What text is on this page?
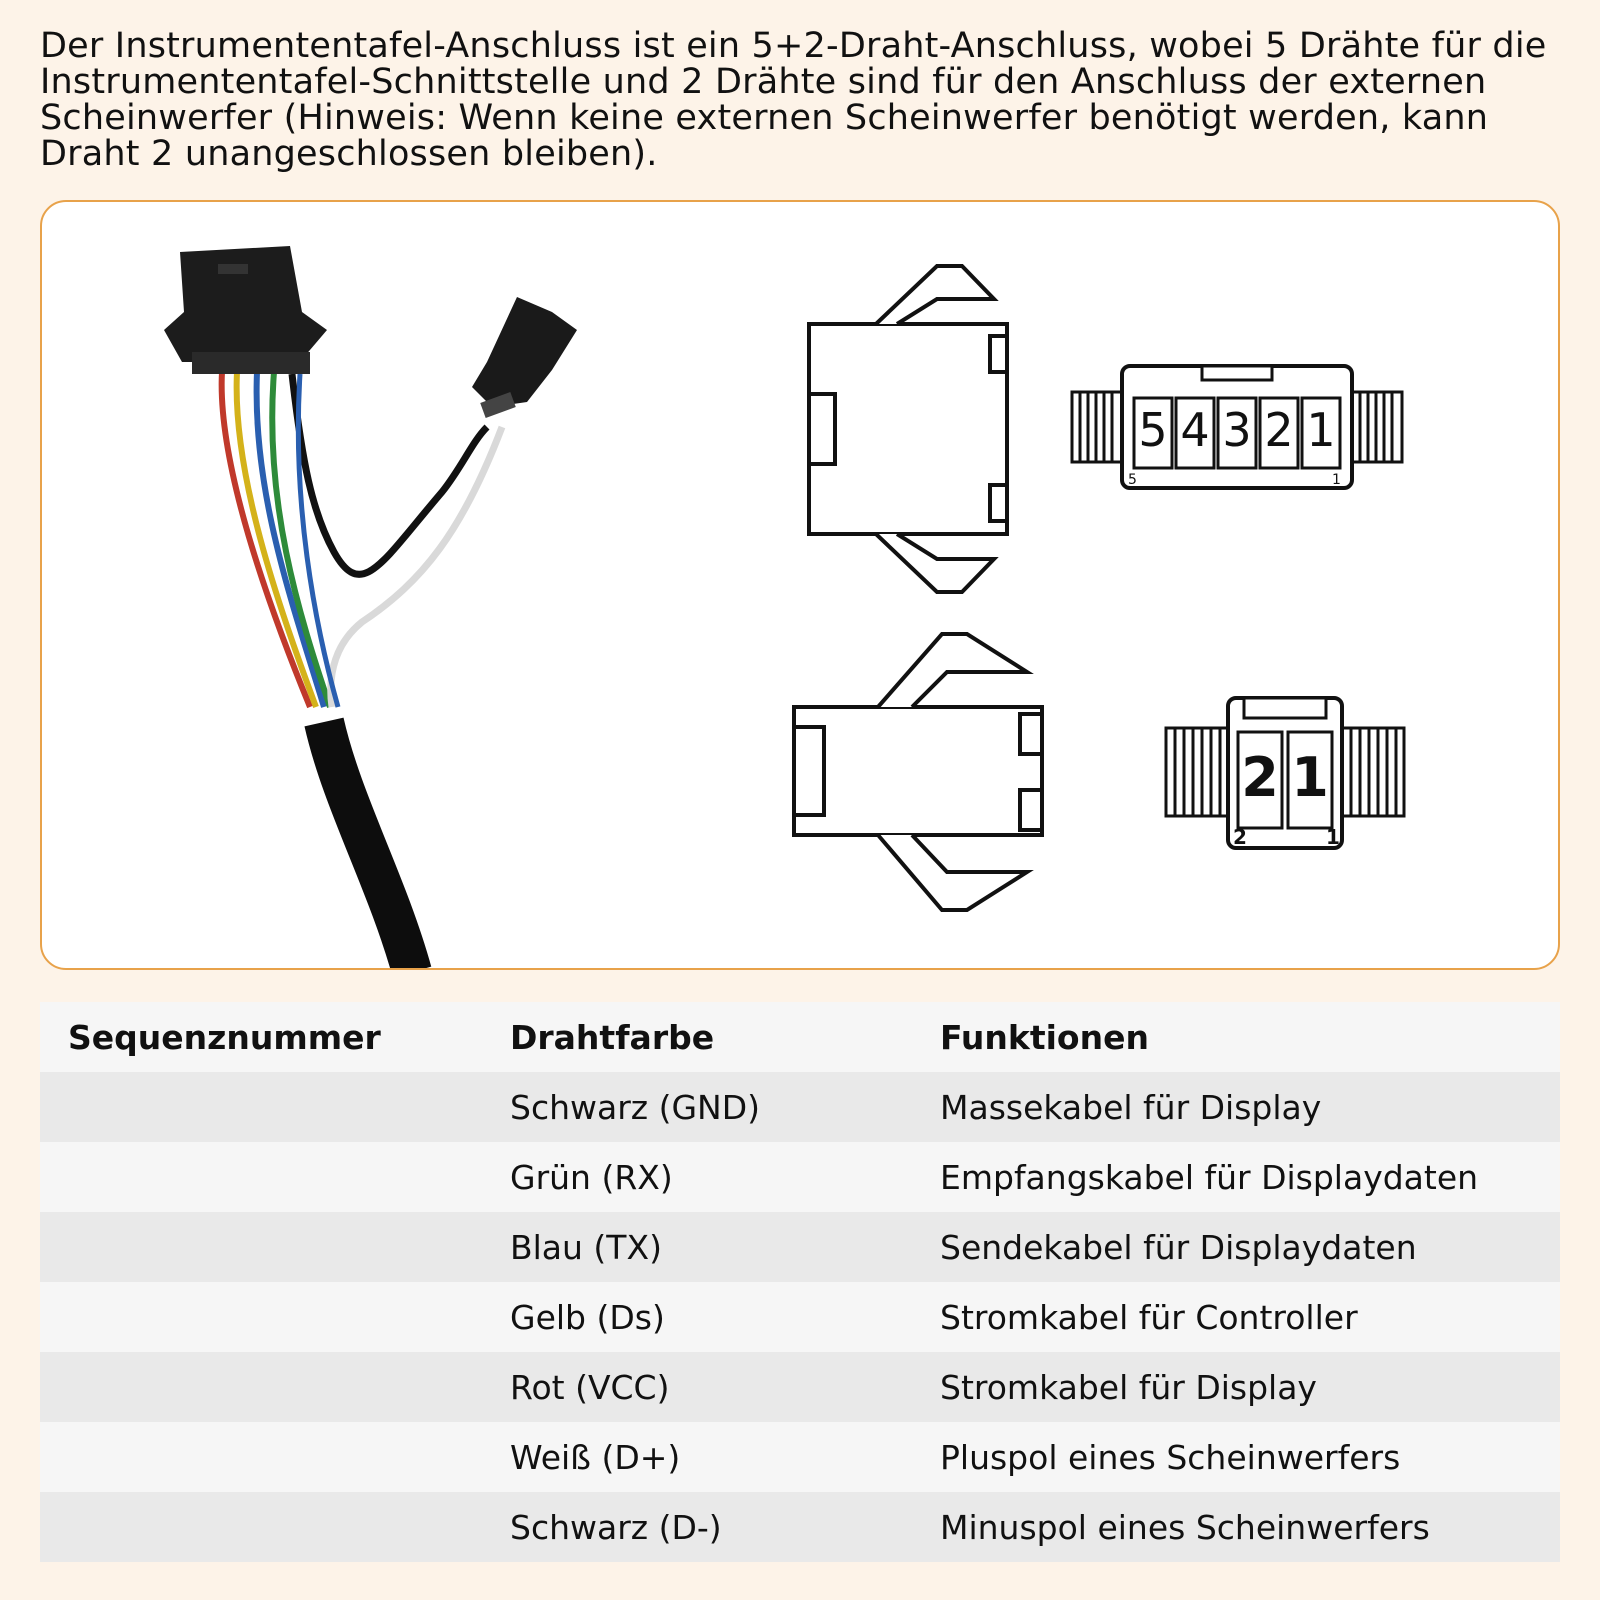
Der Instrumententafel-Anschluss ist ein 5+2-Draht-Anschluss, wobei 5 Drähte für die Instrumententafel-Schnittstelle und 2 Drähte sind für den Anschluss der externen Scheinwerfer (Hinweis: Wenn keine externen Scheinwerfer benötigt werden, kann Draht 2 unangeschlossen bleiben).

5 4 3 2 1
5	1
2 1
2	1
Sequenznummer	Drahtfarbe	Funktionen
	Schwarz (GND)	Massekabel für Display
	Grün (RX)	Empfangskabel für Displaydaten
	Blau (TX)	Sendekabel für Displaydaten
	Gelb (Ds)	Stromkabel für Controller
	Rot (VCC)	Stromkabel für Display
	Weiß (D+)	Pluspol eines Scheinwerfers
	Schwarz (D-)	Minuspol eines Scheinwerfers
